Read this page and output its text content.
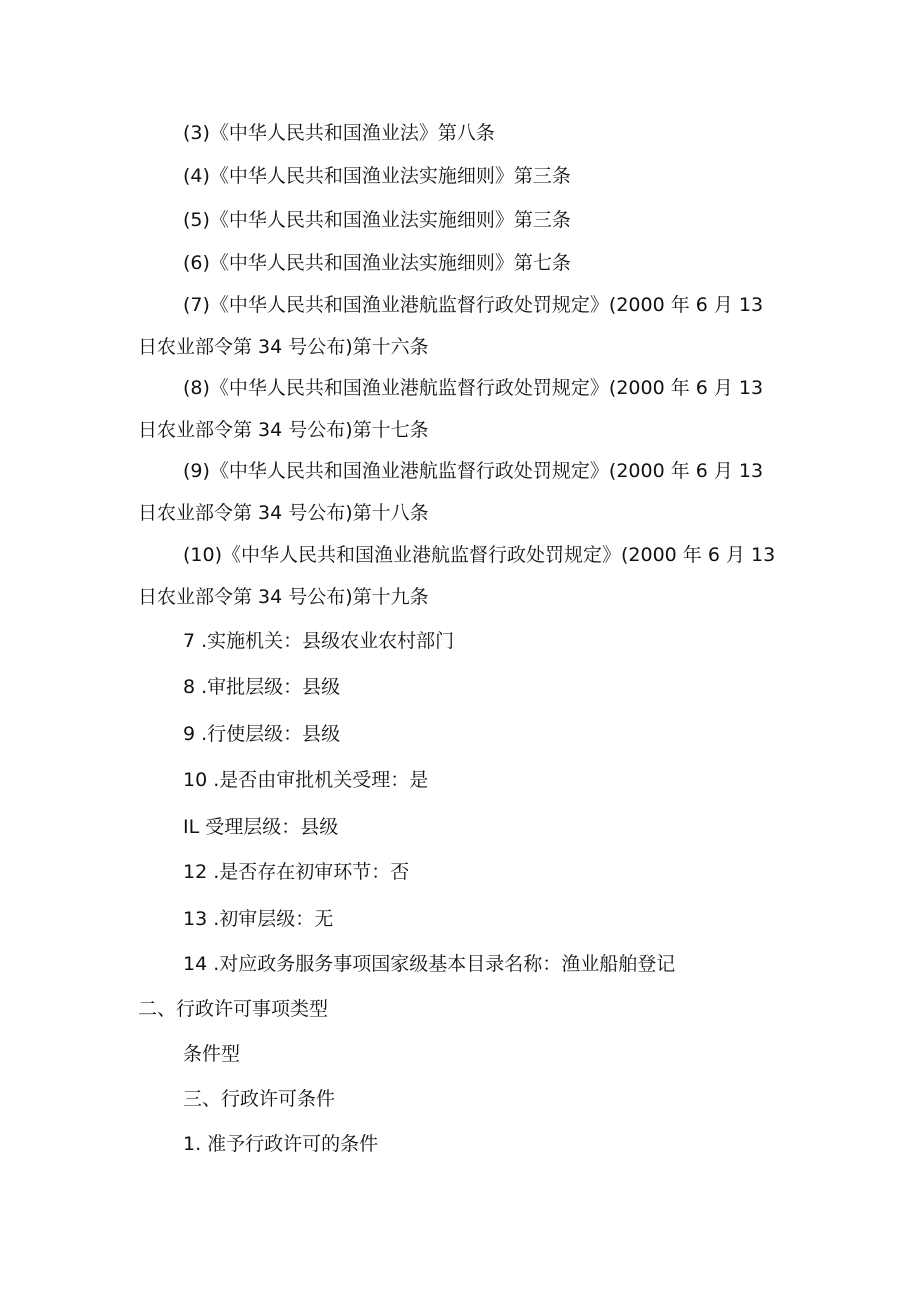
(3)《中华人民共和国渔业法》第八条
(4)《中华人民共和国渔业法实施细则》第三条
(5)《中华人民共和国渔业法实施细则》第三条
(6)《中华人民共和国渔业法实施细则》第七条
(7)《中华人民共和国渔业港航监督行政处罚规定》(2000 年 6 月 13
日农业部令第 34 号公布)第十六条
(8)《中华人民共和国渔业港航监督行政处罚规定》(2000 年 6 月 13
日农业部令第 34 号公布)第十七条
(9)《中华人民共和国渔业港航监督行政处罚规定》(2000 年 6 月 13
日农业部令第 34 号公布)第十八条
(10)《中华人民共和国渔业港航监督行政处罚规定》(2000 年 6 月 13
日农业部令第 34 号公布)第十九条
7 .实施机关：县级农业农村部门
8 .审批层级：县级
9 .行使层级：县级
10 .是否由审批机关受理：是
IL 受理层级：县级
12 .是否存在初审环节：否
13 .初审层级：无
14 .对应政务服务事项国家级基本目录名称：渔业船舶登记
二、行政许可事项类型
条件型
三、行政许可条件
1. 准予行政许可的条件
